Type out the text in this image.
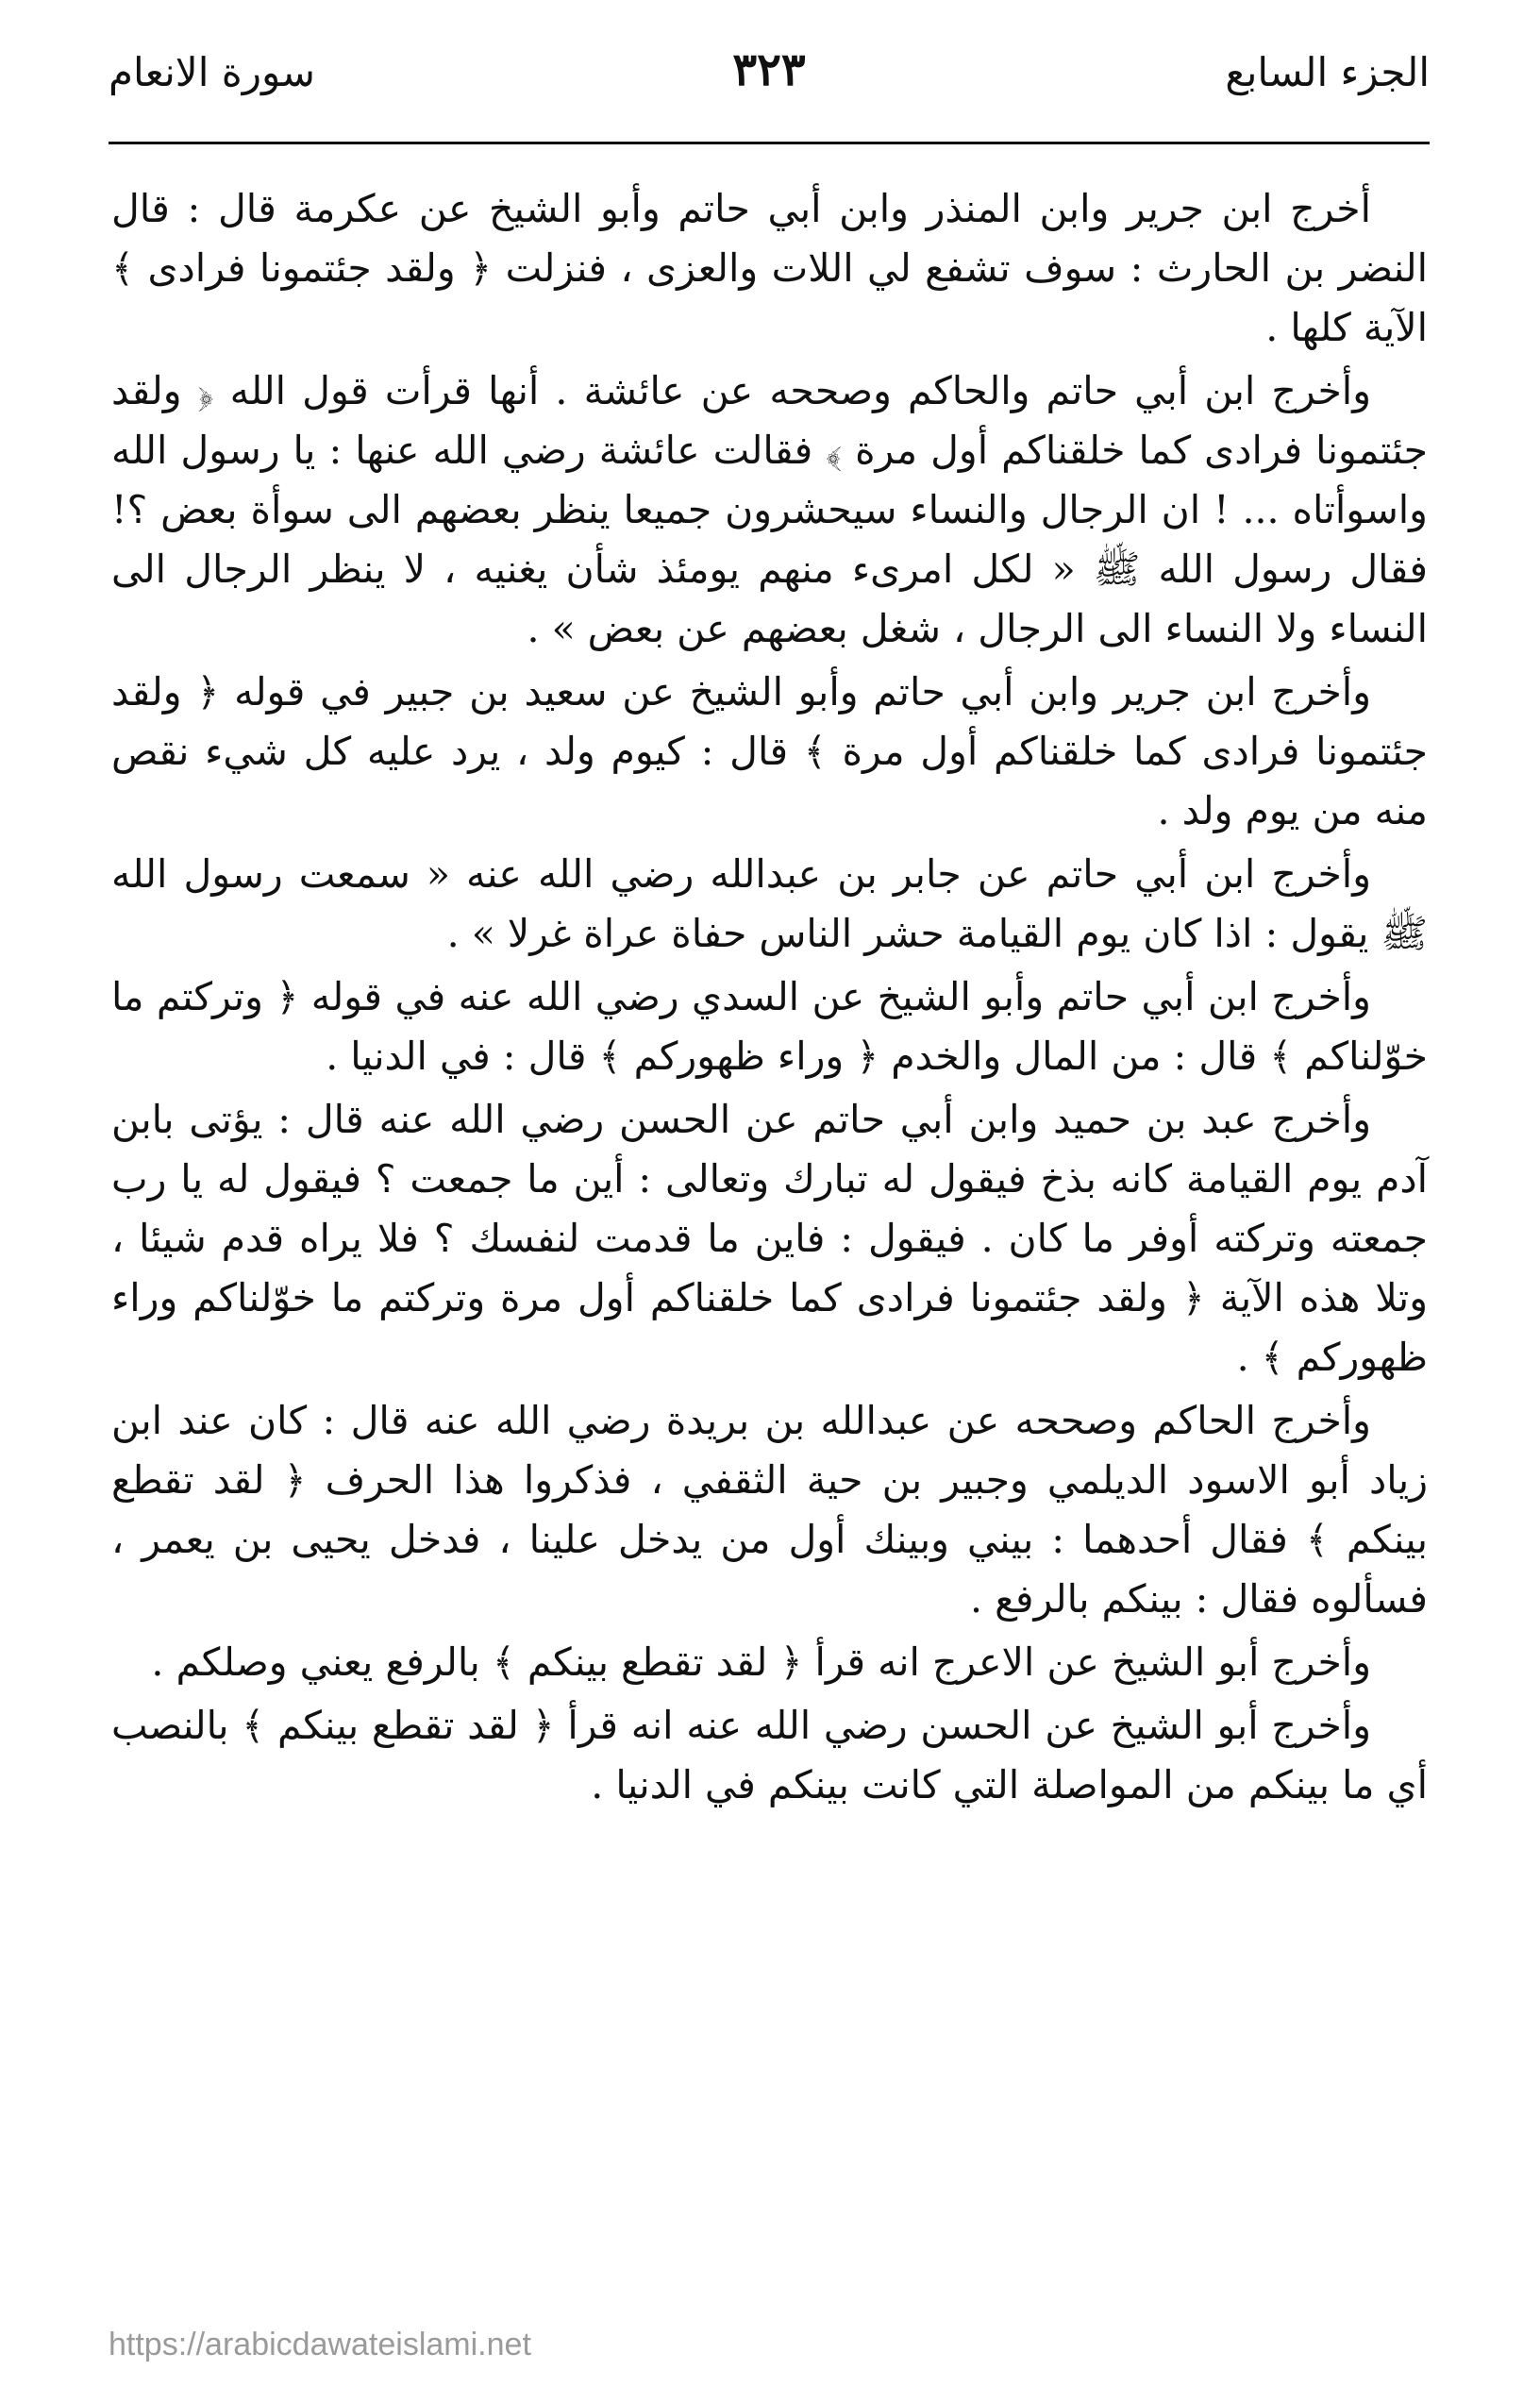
الجزء السابع
٣٢٣
سورة الانعام

أخرج ابن جرير وابن المنذر وابن أبي حاتم وأبو الشيخ عن عكرمة قال : قال النضر بن الحارث : سوف تشفع لي اللات والعزى ، فنزلت ﴿ ولقد جئتمونا فرادى ﴾ الآية كلها .

وأخرج ابن أبي حاتم والحاكم وصححه عن عائشة . أنها قرأت قول الله ﴿ ولقد جئتمونا فرادى كما خلقناكم أول مرة ﴾ فقالت عائشة رضي الله عنها : يا رسول الله واسوأتاه ... ! ان الرجال والنساء سيحشرون جميعا ينظر بعضهم الى سوأة بعض ؟! فقال رسول الله ﷺ « لكل امرىء منهم يومئذ شأن يغنيه ، لا ينظر الرجال الى النساء ولا النساء الى الرجال ، شغل بعضهم عن بعض » .

وأخرج ابن جرير وابن أبي حاتم وأبو الشيخ عن سعيد بن جبير في قوله ﴿ ولقد جئتمونا فرادى كما خلقناكم أول مرة ﴾ قال : كيوم ولد ، يرد عليه كل شيء نقص منه من يوم ولد .

وأخرج ابن أبي حاتم عن جابر بن عبدالله رضي الله عنه « سمعت رسول الله ﷺ يقول : اذا كان يوم القيامة حشر الناس حفاة عراة غرلا » .

وأخرج ابن أبي حاتم وأبو الشيخ عن السدي رضي الله عنه في قوله ﴿ وتركتم ما خوّلناكم ﴾ قال : من المال والخدم ﴿ وراء ظهوركم ﴾ قال : في الدنيا .

وأخرج عبد بن حميد وابن أبي حاتم عن الحسن رضي الله عنه قال : يؤتى بابن آدم يوم القيامة كانه بذخ فيقول له تبارك وتعالى : أين ما جمعت ؟ فيقول له يا رب جمعته وتركته أوفر ما كان . فيقول : فاين ما قدمت لنفسك ؟ فلا يراه قدم شيئا ، وتلا هذه الآية ﴿ ولقد جئتمونا فرادى كما خلقناكم أول مرة وتركتم ما خوّلناكم وراء ظهوركم ﴾ .

وأخرج الحاكم وصححه عن عبدالله بن بريدة رضي الله عنه قال : كان عند ابن زياد أبو الاسود الديلمي وجبير بن حية الثقفي ، فذكروا هذا الحرف ﴿ لقد تقطع بينكم ﴾ فقال أحدهما : بيني وبينك أول من يدخل علينا ، فدخل يحيى بن يعمر ، فسألوه فقال : بينكم بالرفع .

وأخرج أبو الشيخ عن الاعرج انه قرأ ﴿ لقد تقطع بينكم ﴾ بالرفع يعني وصلكم .

وأخرج أبو الشيخ عن الحسن رضي الله عنه انه قرأ ﴿ لقد تقطع بينكم ﴾ بالنصب أي ما بينكم من المواصلة التي كانت بينكم في الدنيا .

https://arabicdawateislami.net
